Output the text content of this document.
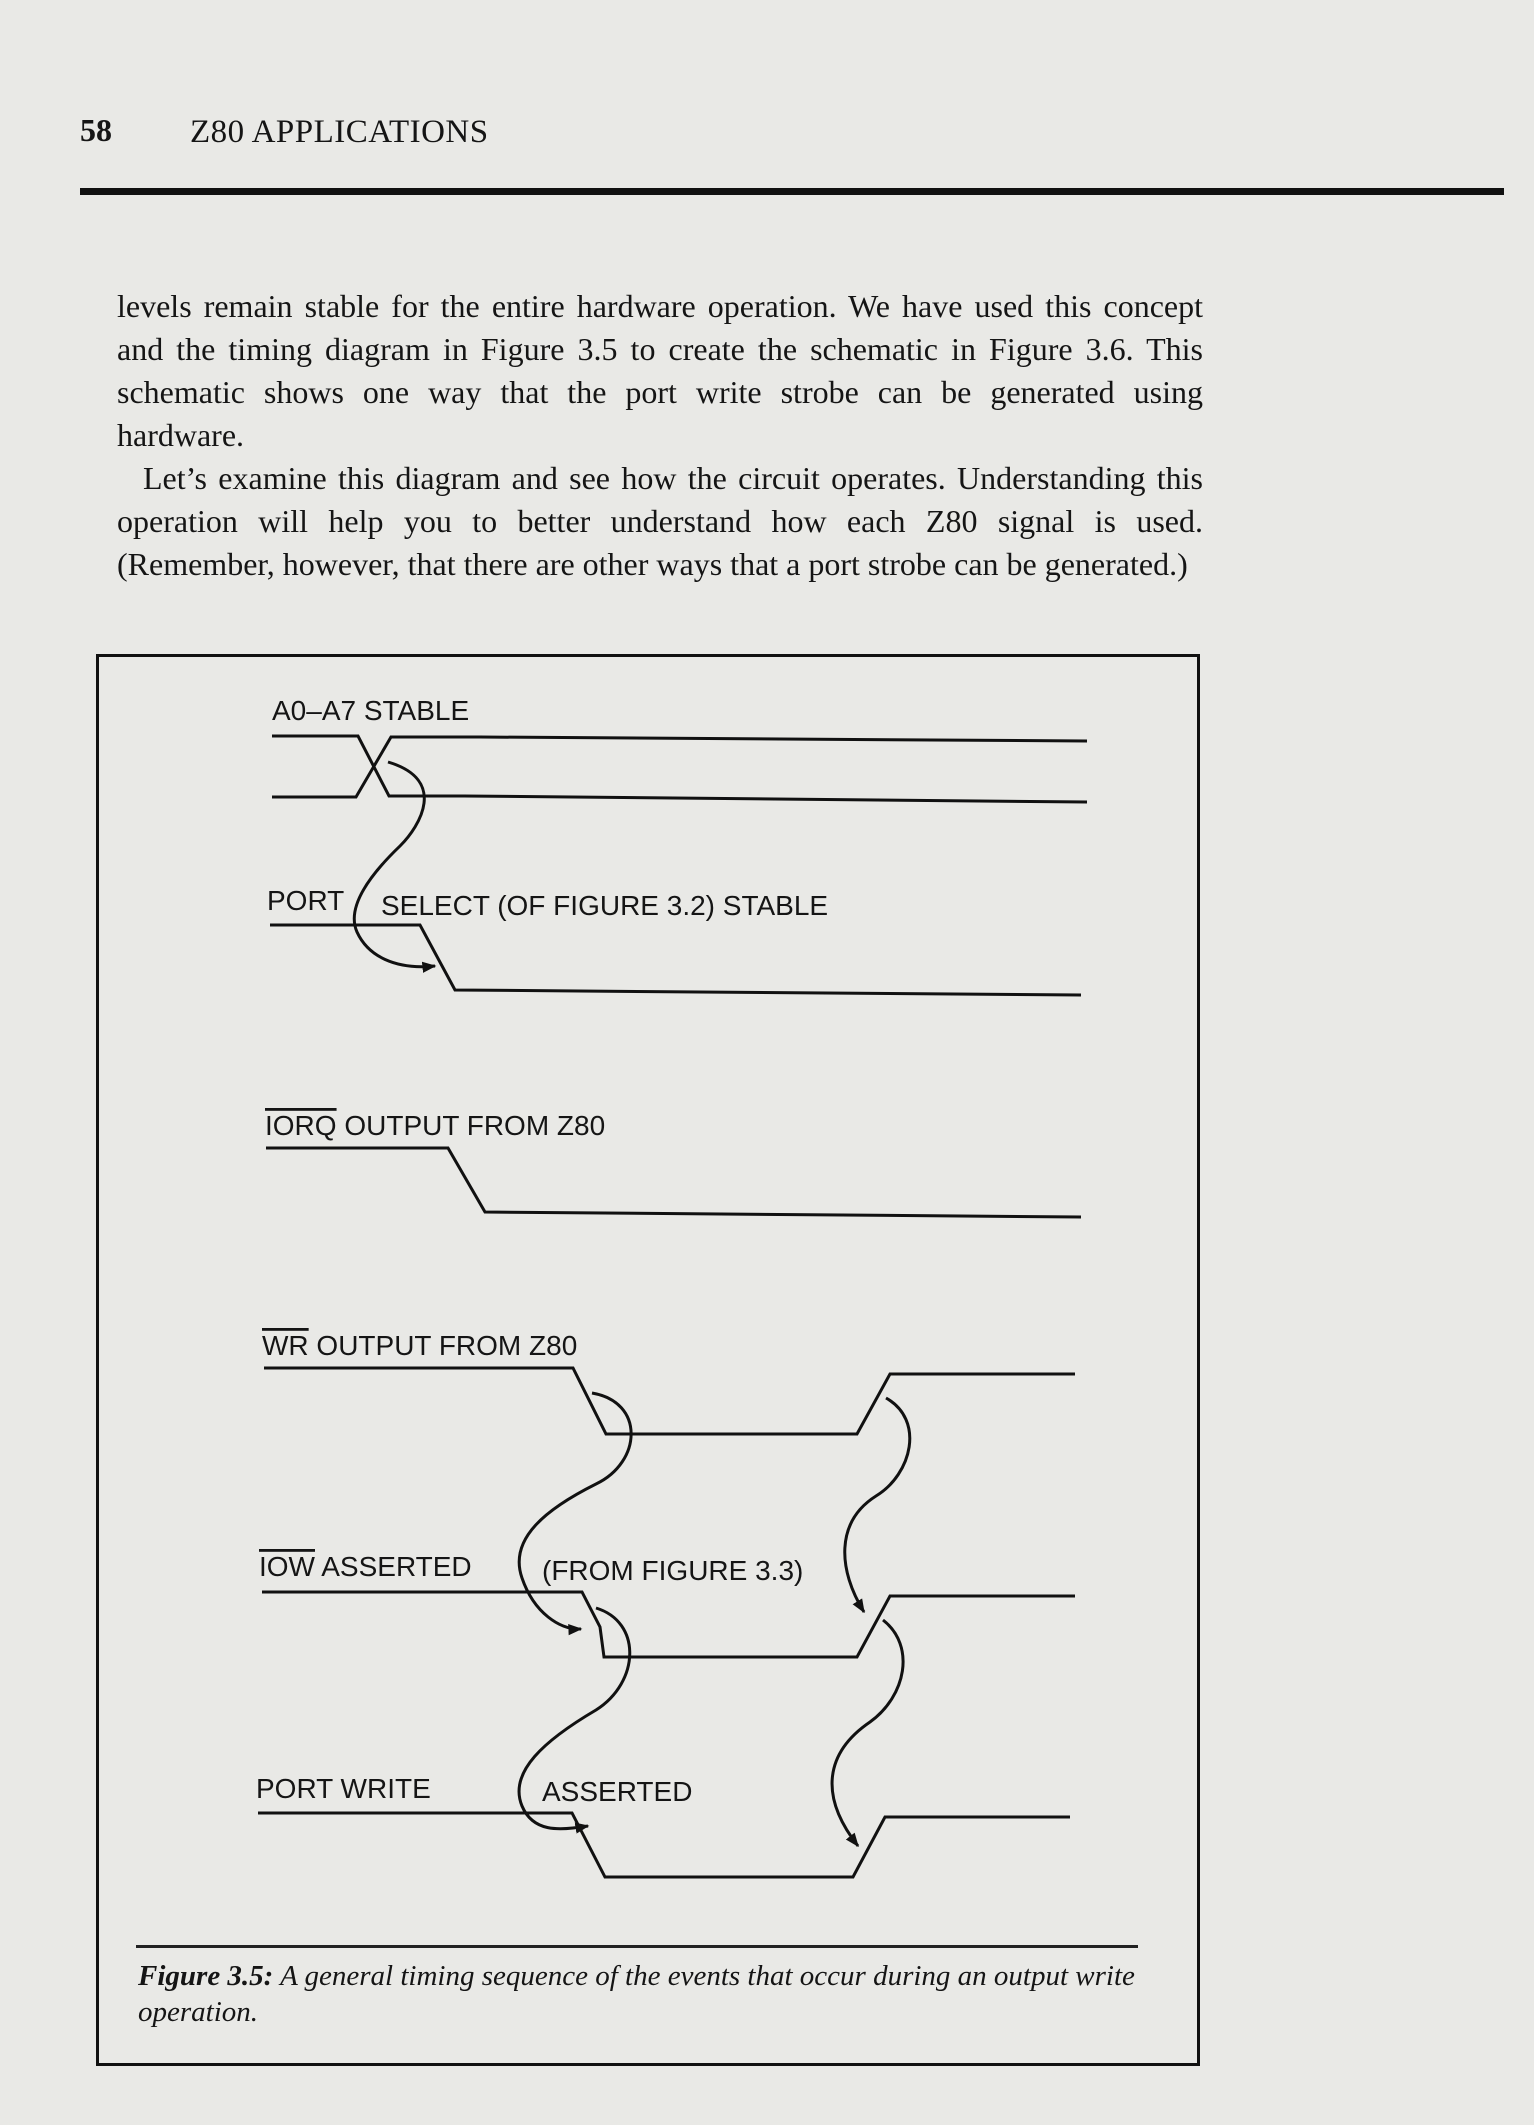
58 Z80 APPLICATIONS

levels remain stable for the entire hardware operation. We have used this concept and the timing diagram in Figure 3.5 to create the schematic in Figure 3.6. This schematic shows one way that the port write strobe can be generated using hardware.

Let’s examine this diagram and see how the circuit operates. Understanding this operation will help you to better understand how each Z80 signal is used. (Remember, however, that there are other ways that a port strobe can be generated.)

A0–A7 STABLE
PORT SELECT (OF FIGURE 3.2) STABLE
IORQ OUTPUT FROM Z80
WR OUTPUT FROM Z80
IOW ASSERTED	(FROM FIGURE 3.3)
PORT WRITE	ASSERTED
Figure 3.5: A general timing sequence of the events that occur during an output write operation.
